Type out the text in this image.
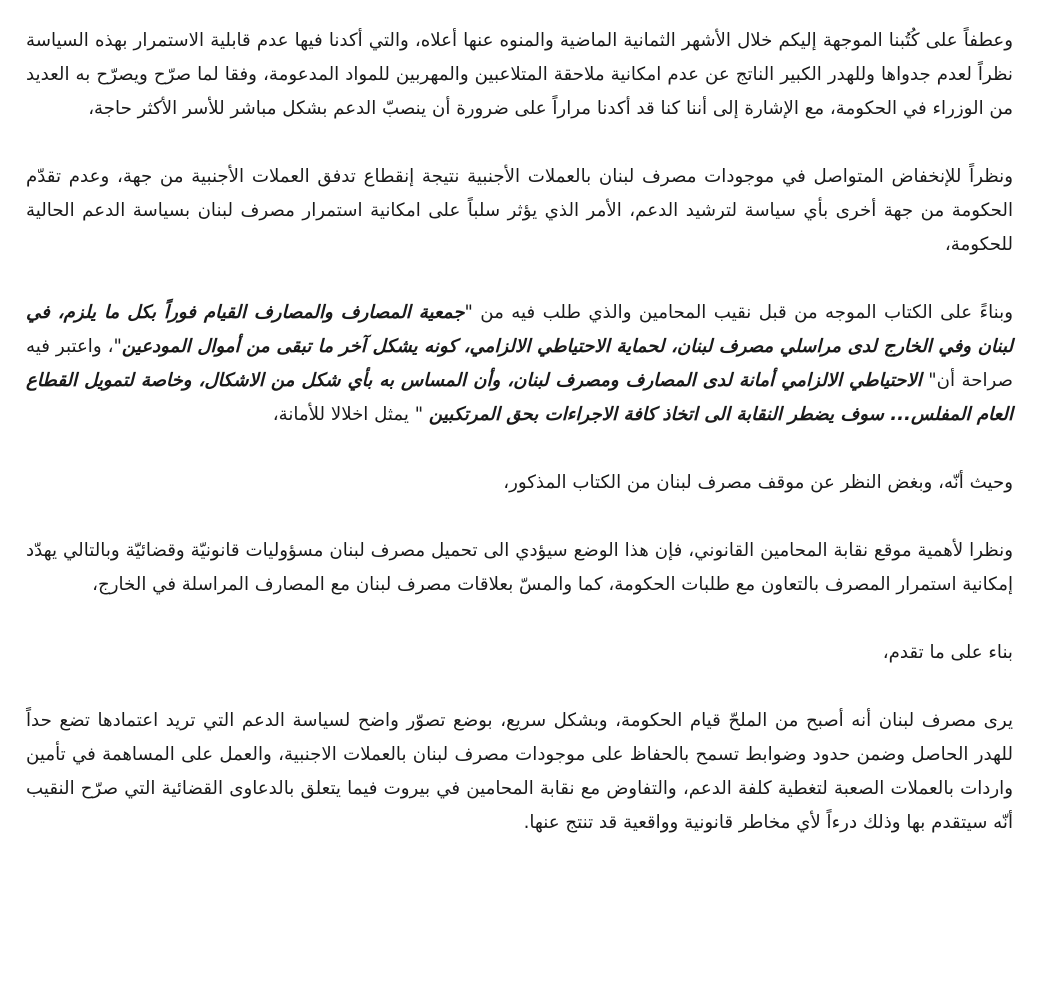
وعطفاً على كُتُبنا الموجهة إليكم خلال الأشهر الثمانية الماضية والمنوه عنها أعلاه، والتي أكدنا فيها عدم قابلية الاستمرار بهذه السياسة نظراً لعدم جدواها وللهدر الكبير الناتج عن عدم امكانية ملاحقة المتلاعبين والمهربين للمواد المدعومة، وفقا لما صرّح ويصرّح به العديد من الوزراء في الحكومة، مع الإشارة إلى أننا كنا قد أكدنا مراراً على ضرورة أن ينصبّ الدعم بشكل مباشر للأسر الأكثر حاجة،

ونظراً للإنخفاض المتواصل في موجودات مصرف لبنان بالعملات الأجنبية نتيجة إنقطاع تدفق العملات الأجنبية من جهة، وعدم تقدّم الحكومة من جهة أخرى بأي سياسة لترشيد الدعم، الأمر الذي يؤثر سلباً على امكانية استمرار مصرف لبنان بسياسة الدعم الحالية للحكومة،

وبناءً على الكتاب الموجه من قبل نقيب المحامين والذي طلب فيه من "جمعية المصارف والمصارف القيام فوراً بكل ما يلزم، في لبنان وفي الخارج لدى مراسلي مصرف لبنان، لحماية الاحتياطي الالزامي، كونه يشكل آخر ما تبقى من أموال المودعين"، واعتبر فيه صراحة أن" الاحتياطي الالزامي أمانة لدى المصارف ومصرف لبنان، وأن المساس به بأي شكل من الاشكال، وخاصة لتمويل القطاع العام المفلس... سوف يضطر النقابة الى اتخاذ كافة الاجراءات بحق المرتكبين " يمثل اخلالا للأمانة،

وحيث أنّه، وبغض النظر عن موقف مصرف لبنان من الكتاب المذكور،

ونظرا لأهمية موقع نقابة المحامين القانوني، فإن هذا الوضع سيؤدي الى تحميل مصرف لبنان مسؤوليات قانونيّة وقضائيّة وبالتالي يهدّد إمكانية استمرار المصرف بالتعاون مع طلبات الحكومة، كما والمسّ بعلاقات مصرف لبنان مع المصارف المراسلة في الخارج،

بناء على ما تقدم،

يرى مصرف لبنان أنه أصبح من الملحّ قيام الحكومة، وبشكل سريع، بوضع تصوّر واضح لسياسة الدعم التي تريد اعتمادها تضع حداً للهدر الحاصل وضمن حدود وضوابط تسمح بالحفاظ على موجودات مصرف لبنان بالعملات الاجنبية، والعمل على المساهمة في تأمين واردات بالعملات الصعبة لتغطية كلفة الدعم، والتفاوض مع نقابة المحامين في بيروت فيما يتعلق بالدعاوى القضائية التي صرّح النقيب أنّه سيتقدم بها وذلك درءاً لأي مخاطر قانونية وواقعية قد تنتج عنها.
